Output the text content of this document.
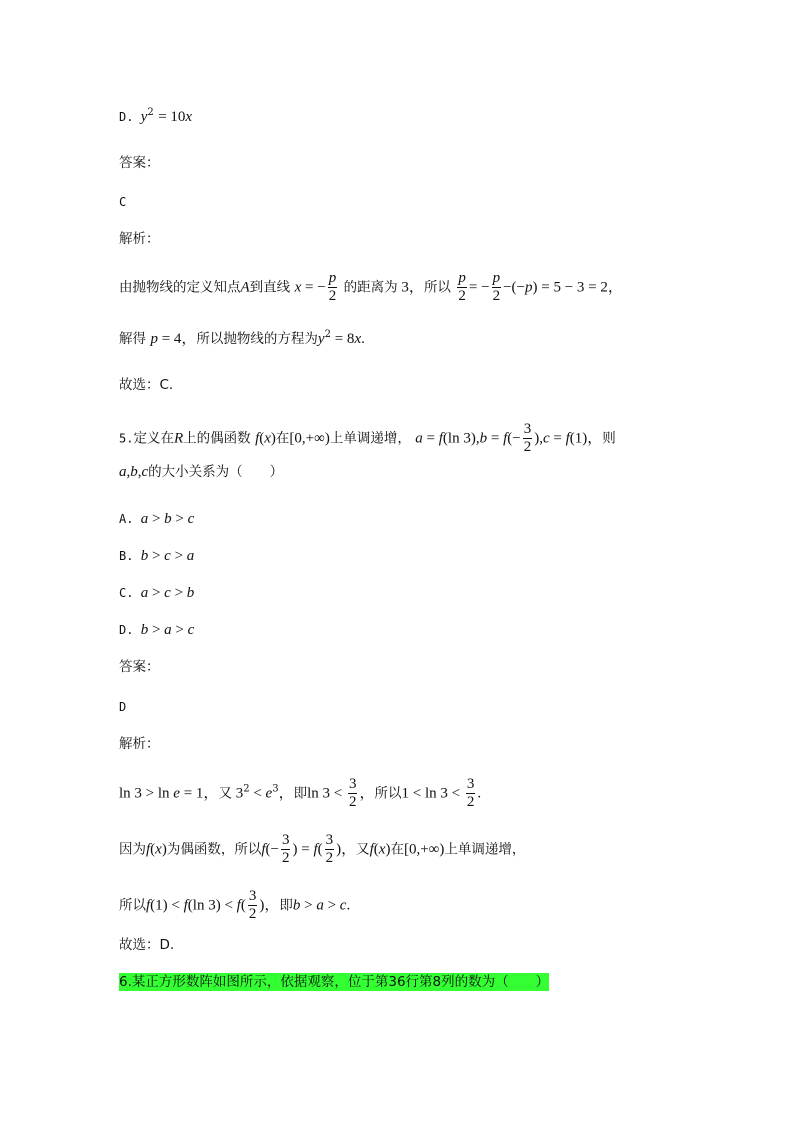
D. $y^2 = 10x$
答案：
C
解析：
由抛物线的定义知点A到直线 x = − $\frac{p}{2}$ 的距离为 3，所以 $\frac{p}{2}$ = − $\frac{p}{2} -(-p) = 5 - 3 = 2$，
解得 p = 4，所以抛物线的方程为$y^2 = 8x$.
故选：C.
5.定义在R上的偶函数 f(x)在[0,+∞)上单调递增， a = f(ln $3),b = f(- \frac{3}{2} ),c = f(1)$，则
a,b,c的大小关系为（　　）
A. a > b > c
B. b > c > a
C. a > c > b
D. b > a > c
答案：
D
解析：
ln 3 > ln e = 1，又 $3^2 < e^3$，即$\ln 3 < \frac{3}{2}$ ，所以$1 < \ln 3 < \frac{3}{2}$ .
因为f(x)为偶函数，所以$f(- \frac{3}{2}$ ) = $f( \frac{3}{2}$ )，又f(x)在[0,+∞)上单调递增，
所以f(1) < f(ln $3) < f( \frac{3}{2}$ )，即b > a > c.
故选：D.
6.某正方形数阵如图所示，依据观察，位于第36行第8列的数为（　　）
